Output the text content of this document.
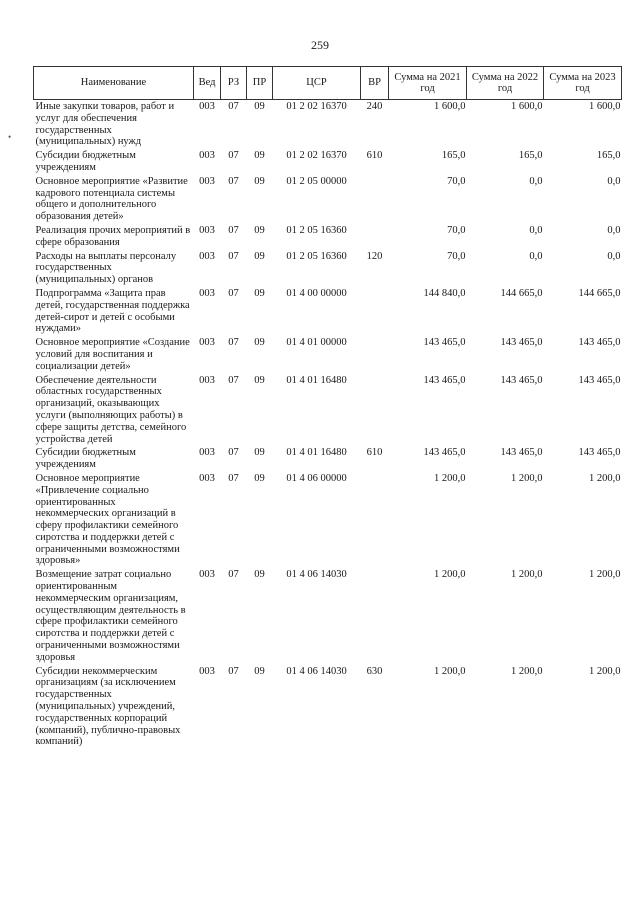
259
Наименование	Вед	РЗ	ПР	ЦСР	ВР	Сумма на 2021 год	Сумма на 2022 год	Сумма на 2023 год
Иные закупки товаров, работ и услуг для обеспечения государственных (муниципальных) нужд	003	07	09	01 2 02 16370	240	1 600,0	1 600,0	1 600,0
Субсидии бюджетным учреждениям	003	07	09	01 2 02 16370	610	165,0	165,0	165,0
Основное мероприятие «Развитие кадрового потенциала системы общего и дополнительного образования детей»	003	07	09	01 2 05 00000		70,0	0,0	0,0
Реализация прочих мероприятий в сфере образования	003	07	09	01 2 05 16360		70,0	0,0	0,0
Расходы на выплаты персоналу государственных (муниципальных) органов	003	07	09	01 2 05 16360	120	70,0	0,0	0,0
Подпрограмма «Защита прав детей, государственная поддержка детей-сирот и детей с особыми нуждами»	003	07	09	01 4 00 00000		144 840,0	144 665,0	144 665,0
Основное мероприятие «Создание условий для воспитания и социализации детей»	003	07	09	01 4 01 00000		143 465,0	143 465,0	143 465,0
Обеспечение деятельности областных государственных организаций, оказывающих услуги (выполняющих работы) в сфере защиты детства, семейного устройства детей	003	07	09	01 4 01 16480		143 465,0	143 465,0	143 465,0
Субсидии бюджетным учреждениям	003	07	09	01 4 01 16480	610	143 465,0	143 465,0	143 465,0
Основное мероприятие «Привлечение социально ориентированных некоммерческих организаций в сферу профилактики семейного сиротства и поддержки детей с ограниченными возможностями здоровья»	003	07	09	01 4 06 00000		1 200,0	1 200,0	1 200,0
Возмещение затрат социально ориентированным некоммерческим организациям, осуществляющим деятельность в сфере профилактики семейного сиротства и поддержки детей с ограниченными возможностями здоровья	003	07	09	01 4 06 14030		1 200,0	1 200,0	1 200,0
Субсидии некоммерческим организациям (за исключением государственных (муниципальных) учреждений, государственных корпораций (компаний), публично-правовых компаний)	003	07	09	01 4 06 14030	630	1 200,0	1 200,0	1 200,0
•
